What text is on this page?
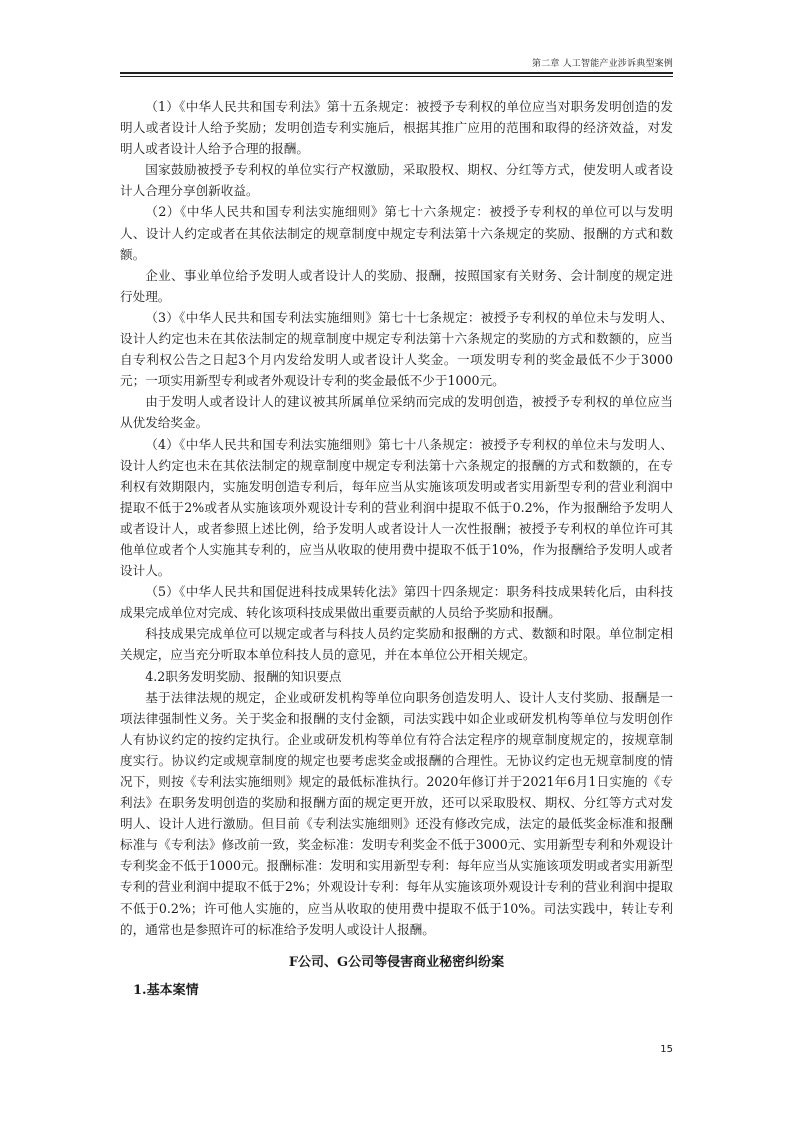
第二章 人工智能产业涉诉典型案例

（1）《中华人民共和国专利法》第十五条规定：被授予专利权的单位应当对职务发明创造的发明人或者设计人给予奖励；发明创造专利实施后，根据其推广应用的范围和取得的经济效益，对发明人或者设计人给予合理的报酬。

国家鼓励被授予专利权的单位实行产权激励，采取股权、期权、分红等方式，使发明人或者设计人合理分享创新收益。

（2）《中华人民共和国专利法实施细则》第七十六条规定：被授予专利权的单位可以与发明人、设计人约定或者在其依法制定的规章制度中规定专利法第十六条规定的奖励、报酬的方式和数额。

企业、事业单位给予发明人或者设计人的奖励、报酬，按照国家有关财务、会计制度的规定进行处理。

（3）《中华人民共和国专利法实施细则》第七十七条规定：被授予专利权的单位未与发明人、设计人约定也未在其依法制定的规章制度中规定专利法第十六条规定的奖励的方式和数额的，应当自专利权公告之日起3个月内发给发明人或者设计人奖金。一项发明专利的奖金最低不少于3000元；一项实用新型专利或者外观设计专利的奖金最低不少于1000元。

由于发明人或者设计人的建议被其所属单位采纳而完成的发明创造，被授予专利权的单位应当从优发给奖金。

（4）《中华人民共和国专利法实施细则》第七十八条规定：被授予专利权的单位未与发明人、设计人约定也未在其依法制定的规章制度中规定专利法第十六条规定的报酬的方式和数额的，在专利权有效期限内，实施发明创造专利后，每年应当从实施该项发明或者实用新型专利的营业利润中提取不低于2%或者从实施该项外观设计专利的营业利润中提取不低于0.2%，作为报酬给予发明人或者设计人，或者参照上述比例，给予发明人或者设计人一次性报酬；被授予专利权的单位许可其他单位或者个人实施其专利的，应当从收取的使用费中提取不低于10%，作为报酬给予发明人或者设计人。

（5）《中华人民共和国促进科技成果转化法》第四十四条规定：职务科技成果转化后，由科技成果完成单位对完成、转化该项科技成果做出重要贡献的人员给予奖励和报酬。

科技成果完成单位可以规定或者与科技人员约定奖励和报酬的方式、数额和时限。单位制定相关规定，应当充分听取本单位科技人员的意见，并在本单位公开相关规定。

4.2职务发明奖励、报酬的知识要点

基于法律法规的规定，企业或研发机构等单位向职务创造发明人、设计人支付奖励、报酬是一项法律强制性义务。关于奖金和报酬的支付金额，司法实践中如企业或研发机构等单位与发明创作人有协议约定的按约定执行。企业或研发机构等单位有符合法定程序的规章制度规定的，按规章制度实行。协议约定或规章制度的规定也要考虑奖金或报酬的合理性。无协议约定也无规章制度的情况下，则按《专利法实施细则》规定的最低标准执行。2020年修订并于2021年6月1日实施的《专利法》在职务发明创造的奖励和报酬方面的规定更开放，还可以采取股权、期权、分红等方式对发明人、设计人进行激励。但目前《专利法实施细则》还没有修改完成，法定的最低奖金标准和报酬标准与《专利法》修改前一致，奖金标准：发明专利奖金不低于3000元、实用新型专利和外观设计专利奖金不低于1000元。报酬标准：发明和实用新型专利：每年应当从实施该项发明或者实用新型专利的营业利润中提取不低于2%；外观设计专利：每年从实施该项外观设计专利的营业利润中提取不低于0.2%；许可他人实施的，应当从收取的使用费中提取不低于10%。司法实践中，转让专利的，通常也是参照许可的标准给予发明人或设计人报酬。

F公司、G公司等侵害商业秘密纠纷案
1.基本案情
15
